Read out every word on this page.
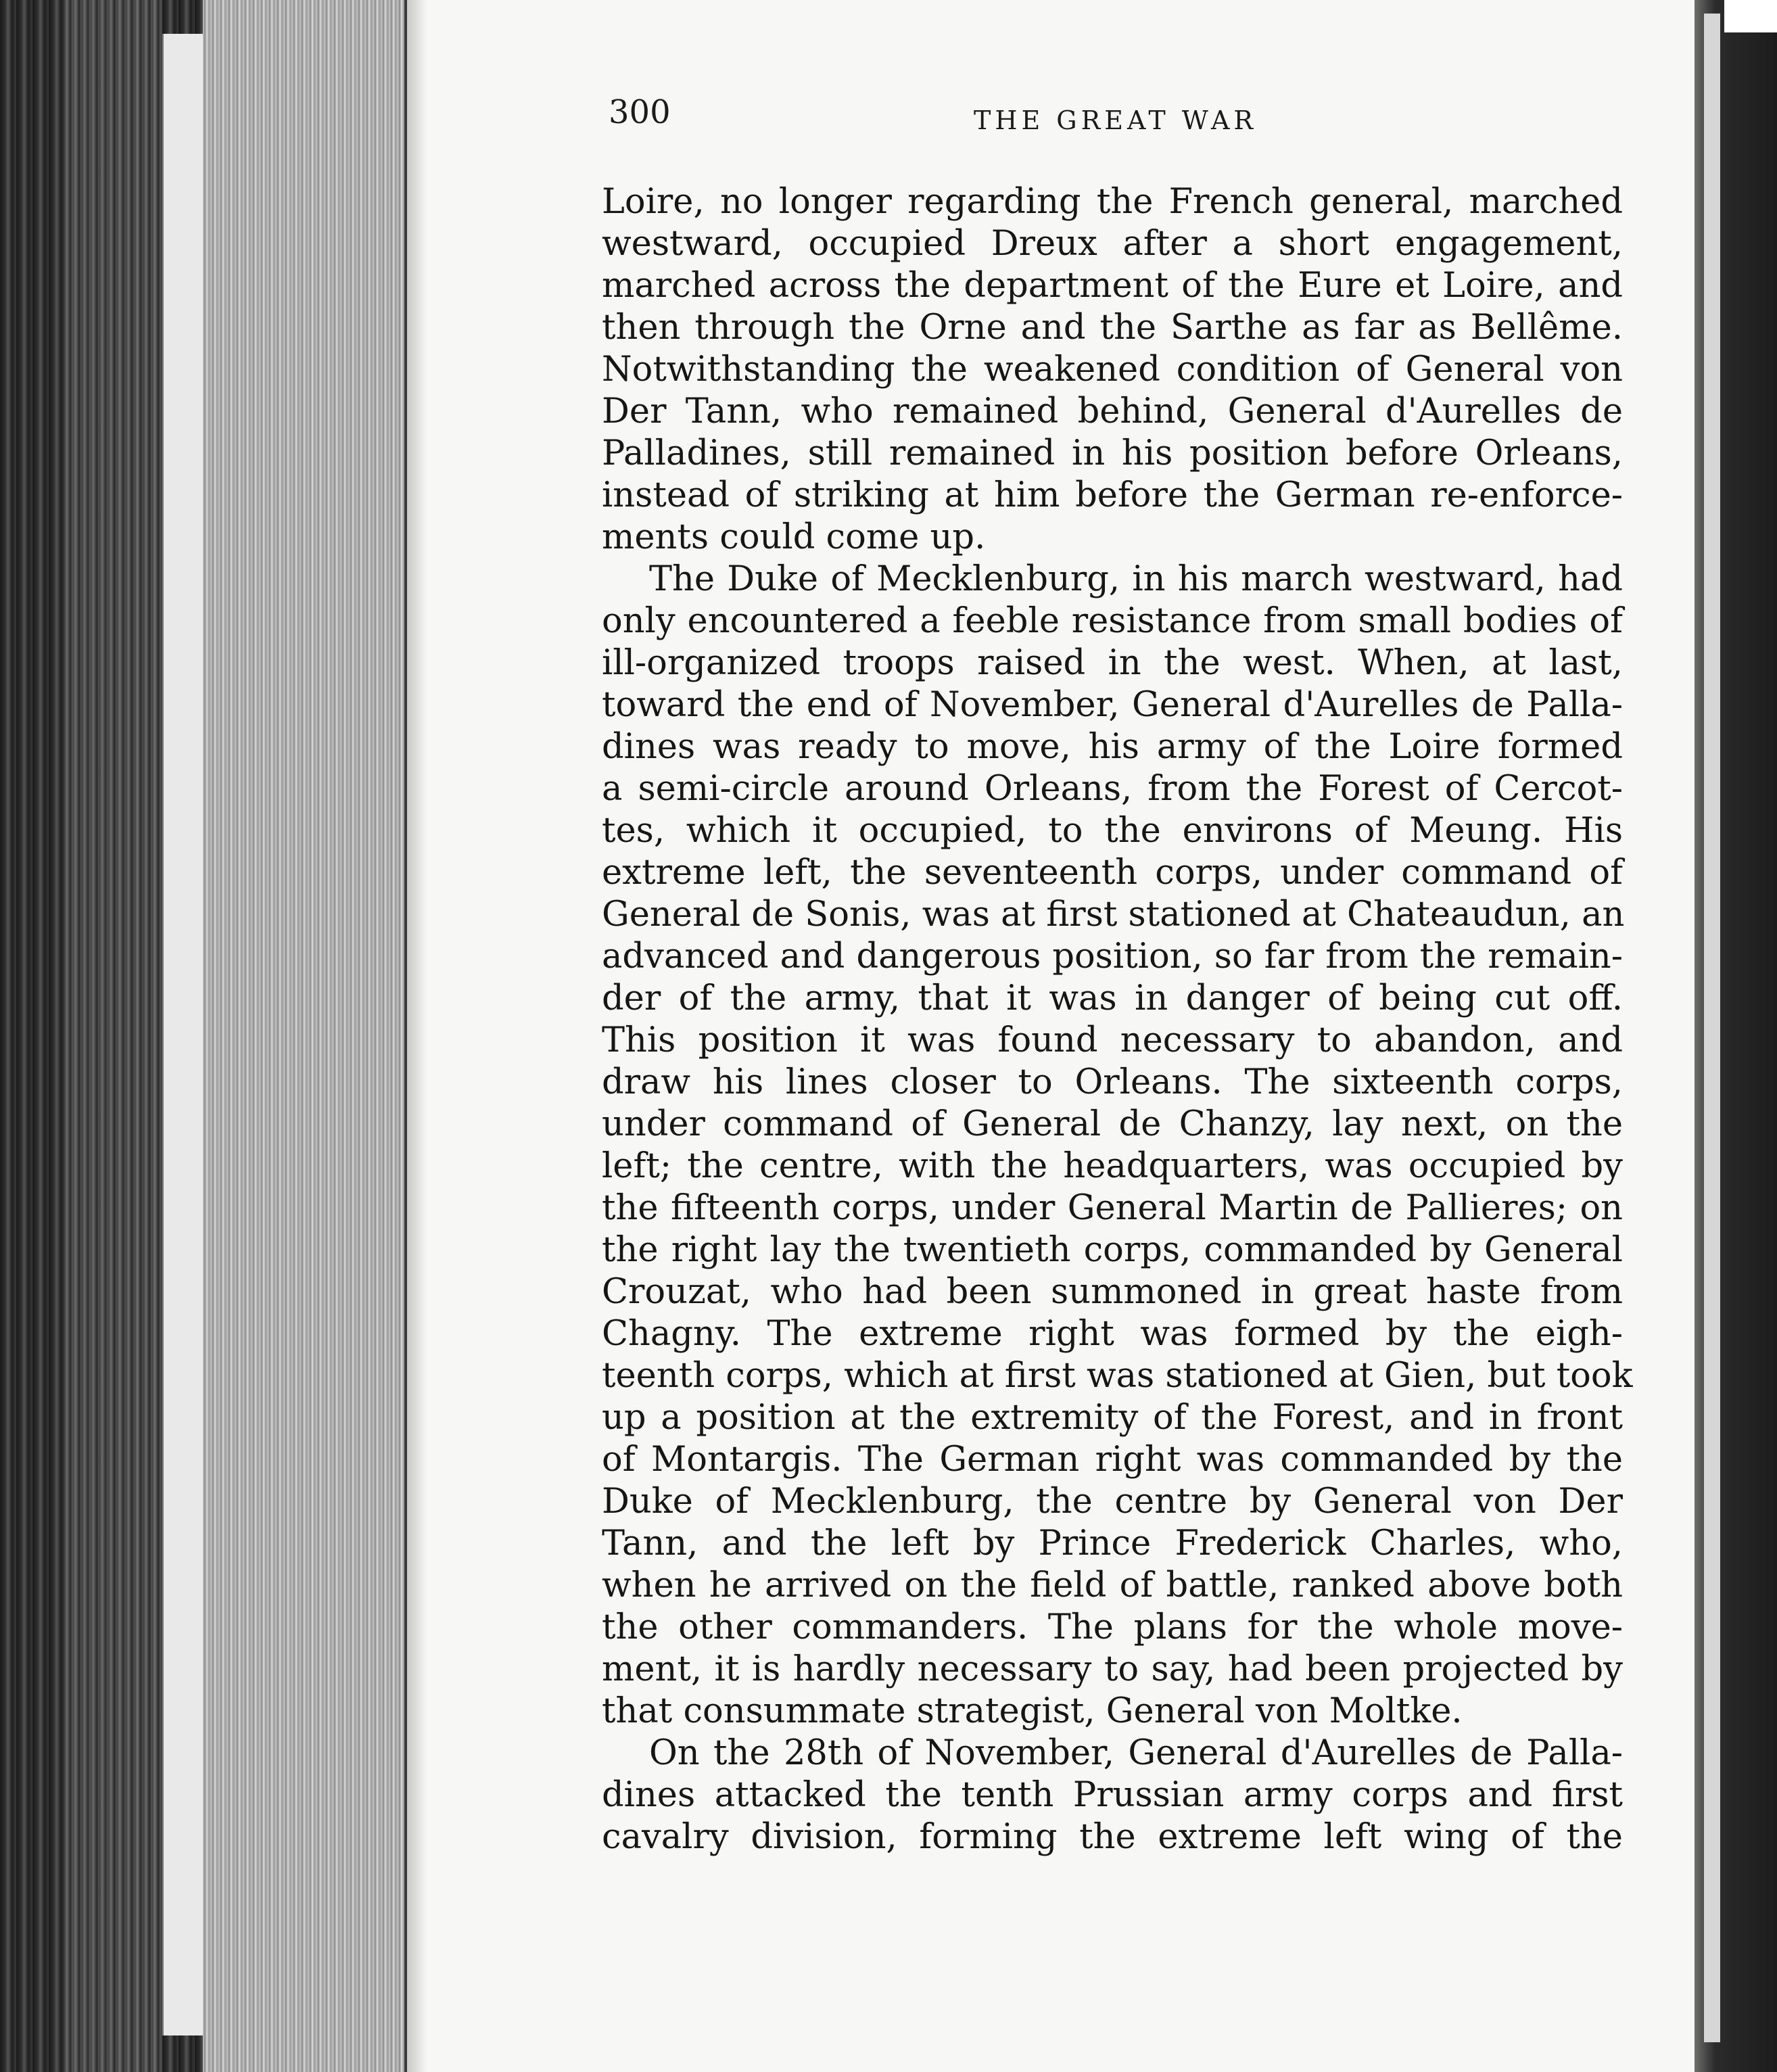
300	THE GREAT WAR

Loire, no longer regarding the French general, marched
westward, occupied Dreux after a short engagement,
marched across the department of the Eure et Loire, and
then through the Orne and the Sarthe as far as Bellême.
Notwithstanding the weakened condition of General von
Der Tann, who remained behind, General d'Aurelles de
Palladines, still remained in his position before Orleans,
instead of striking at him before the German re-enforce-
ments could come up.

The Duke of Mecklenburg, in his march westward, had
only encountered a feeble resistance from small bodies of
ill-organized troops raised in the west. When, at last,
toward the end of November, General d'Aurelles de Palla-
dines was ready to move, his army of the Loire formed
a semi-circle around Orleans, from the Forest of Cercot-
tes, which it occupied, to the environs of Meung. His
extreme left, the seventeenth corps, under command of
General de Sonis, was at first stationed at Chateaudun, an
advanced and dangerous position, so far from the remain-
der of the army, that it was in danger of being cut off.
This position it was found necessary to abandon, and
draw his lines closer to Orleans. The sixteenth corps,
under command of General de Chanzy, lay next, on the
left; the centre, with the headquarters, was occupied by
the fifteenth corps, under General Martin de Pallieres; on
the right lay the twentieth corps, commanded by General
Crouzat, who had been summoned in great haste from
Chagny. The extreme right was formed by the eigh-
teenth corps, which at first was stationed at Gien, but took
up a position at the extremity of the Forest, and in front
of Montargis. The German right was commanded by the
Duke of Mecklenburg, the centre by General von Der
Tann, and the left by Prince Frederick Charles, who,
when he arrived on the field of battle, ranked above both
the other commanders. The plans for the whole move-
ment, it is hardly necessary to say, had been projected by
that consummate strategist, General von Moltke.

On the 28th of November, General d'Aurelles de Palla-
dines attacked the tenth Prussian army corps and first
cavalry division, forming the extreme left wing of the
